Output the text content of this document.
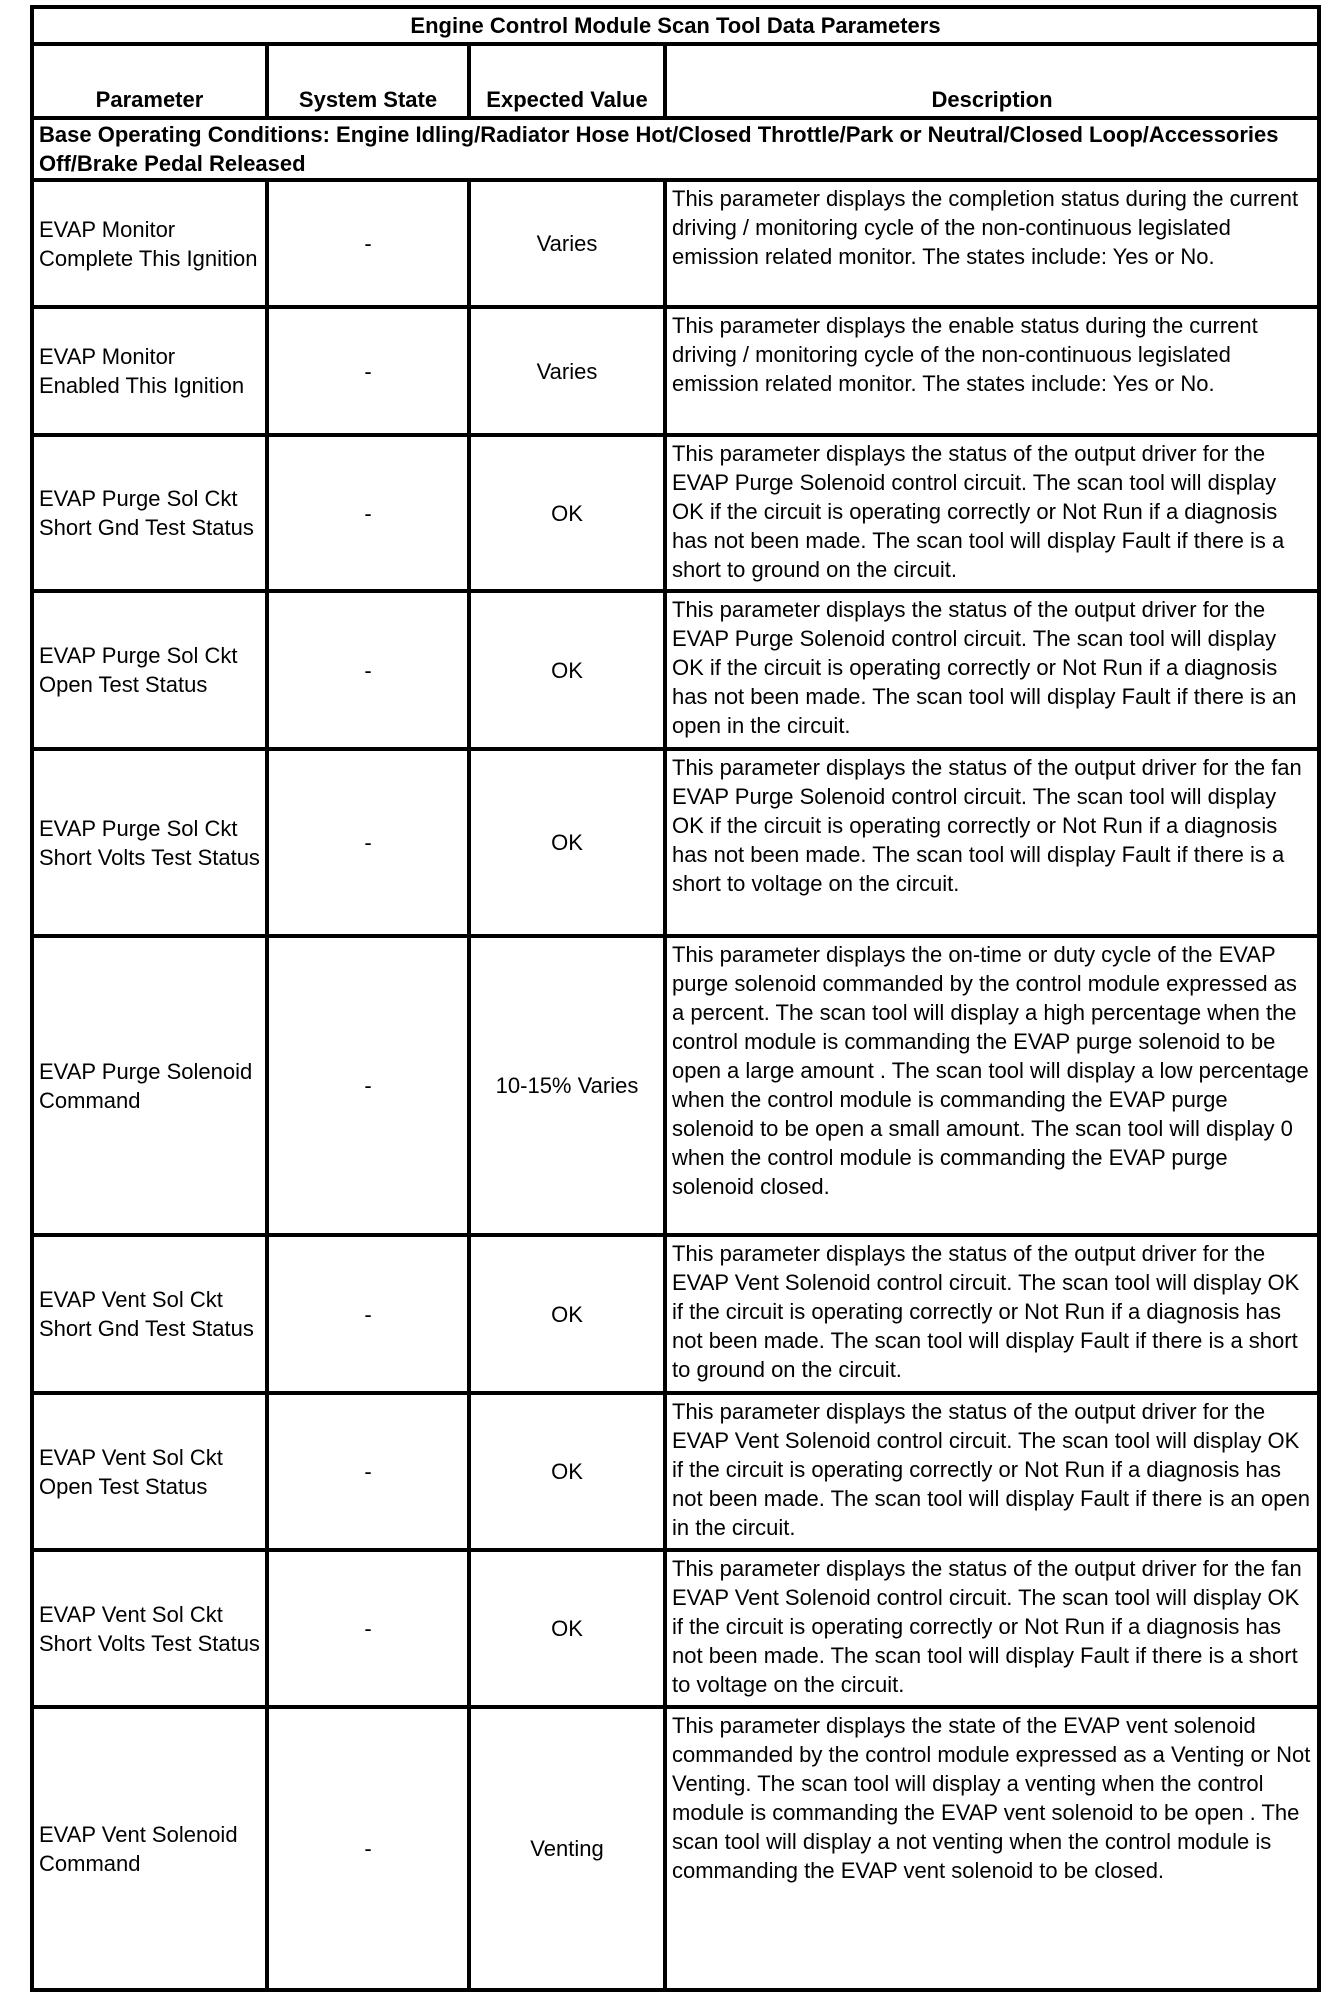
Engine Control Module Scan Tool Data Parameters			
Parameter	System State	Expected Value	Description
Base Operating Conditions: Engine Idling/Radiator Hose Hot/Closed Throttle/Park or Neutral/Closed Loop/Accessories Off/Brake Pedal Released			
EVAP Monitor Complete This Ignition	-	Varies	This parameter displays the completion status during the current driving / monitoring cycle of the non-continuous legislated emission related monitor. The states include: Yes or No.
EVAP Monitor Enabled This Ignition	-	Varies	This parameter displays the enable status during the current driving / monitoring cycle of the non-continuous legislated emission related monitor. The states include: Yes or No.
EVAP Purge Sol Ckt Short Gnd Test Status	-	OK	This parameter displays the status of the output driver for the EVAP Purge Solenoid control circuit. The scan tool will display OK if the circuit is operating correctly or Not Run if a diagnosis has not been made. The scan tool will display Fault if there is a short to ground on the circuit.
EVAP Purge Sol Ckt Open Test Status	-	OK	This parameter displays the status of the output driver for the EVAP Purge Solenoid control circuit. The scan tool will display OK if the circuit is operating correctly or Not Run if a diagnosis has not been made. The scan tool will display Fault if there is an open in the circuit.
EVAP Purge Sol Ckt Short Volts Test Status	-	OK	This parameter displays the status of the output driver for the fan EVAP Purge Solenoid control circuit. The scan tool will display OK if the circuit is operating correctly or Not Run if a diagnosis has not been made. The scan tool will display Fault if there is a short to voltage on the circuit.
EVAP Purge Solenoid Command	-	10-15% Varies	This parameter displays the on-time or duty cycle of the EVAP purge solenoid commanded by the control module expressed as a percent. The scan tool will display a high percentage when the control module is commanding the EVAP purge solenoid to be open a large amount . The scan tool will display a low percentage when the control module is commanding the EVAP purge solenoid to be open a small amount. The scan tool will display 0 when the control module is commanding the EVAP purge solenoid closed.
EVAP Vent Sol Ckt Short Gnd Test Status	-	OK	This parameter displays the status of the output driver for the EVAP Vent Solenoid control circuit. The scan tool will display OK if the circuit is operating correctly or Not Run if a diagnosis has not been made. The scan tool will display Fault if there is a short to ground on the circuit.
EVAP Vent Sol Ckt Open Test Status	-	OK	This parameter displays the status of the output driver for the EVAP Vent Solenoid control circuit. The scan tool will display OK if the circuit is operating correctly or Not Run if a diagnosis has not been made. The scan tool will display Fault if there is an open in the circuit.
EVAP Vent Sol Ckt Short Volts Test Status	-	OK	This parameter displays the status of the output driver for the fan EVAP Vent Solenoid control circuit. The scan tool will display OK if the circuit is operating correctly or Not Run if a diagnosis has not been made. The scan tool will display Fault if there is a short to voltage on the circuit.
EVAP Vent Solenoid Command	-	Venting	This parameter displays the state of the EVAP vent solenoid commanded by the control module expressed as a Venting or Not Venting. The scan tool will display a venting when the control module is commanding the EVAP vent solenoid to be open . The scan tool will display a not venting when the control module is commanding the EVAP vent solenoid to be closed.
